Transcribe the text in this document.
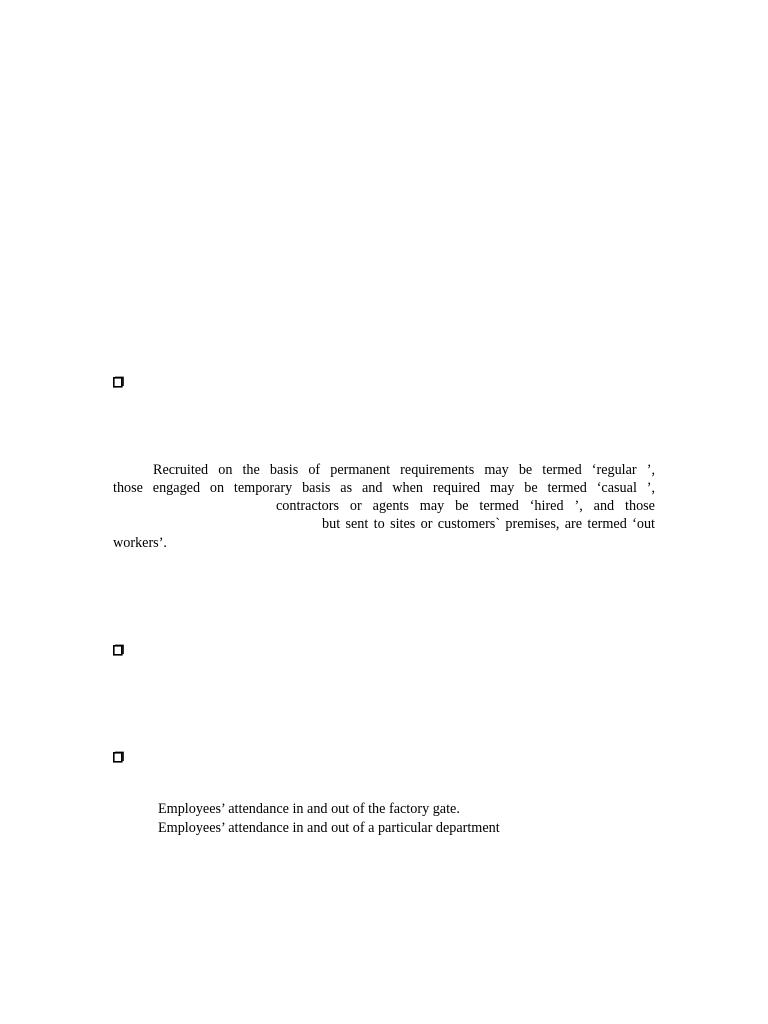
Recruited on the basis of permanent requirements may be termed ‘regular ’,
those engaged on temporary basis as and when required may be termed ‘casual ’,
contractors or agents may be termed ‘hired ’, and those
but sent to sites or customers` premises, are termed ‘out
workers’.
Employees’ attendance in and out of the factory gate.
Employees’ attendance in and out of a particular department
